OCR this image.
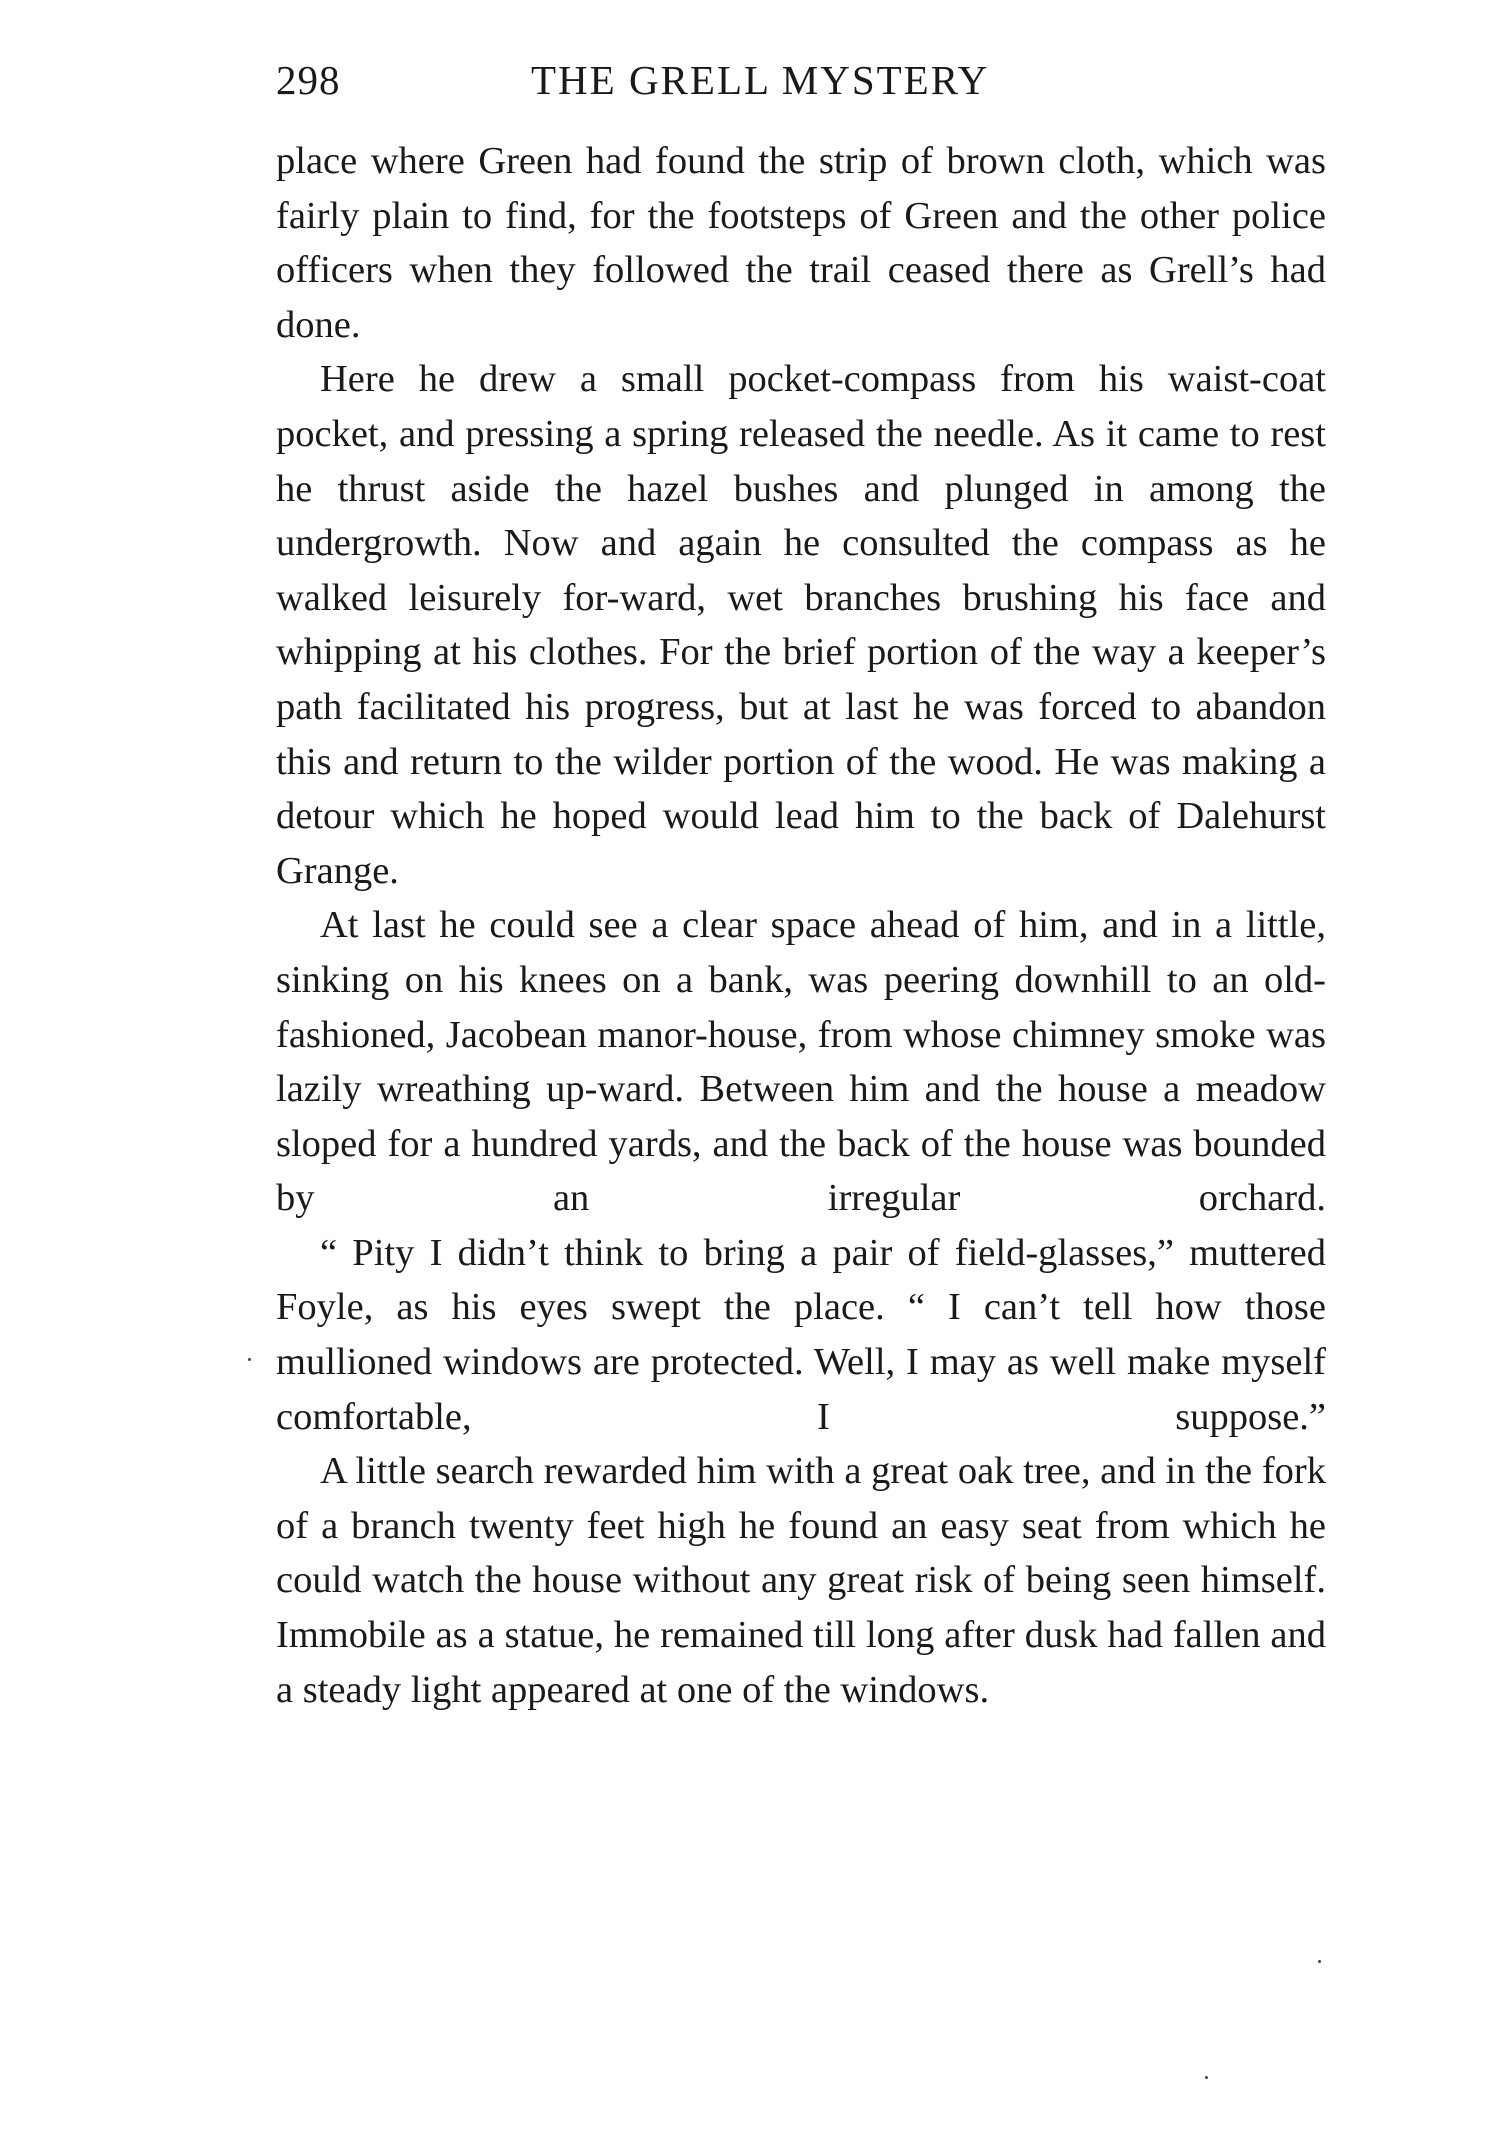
298	THE GRELL MYSTERY

place where Green had found the strip of brown cloth, which was fairly plain to find, for the footsteps of Green and the other police officers when they followed the trail ceased there as Grell’s had done.

Here he drew a small pocket-compass from his waist-coat pocket, and pressing a spring released the needle. As it came to rest he thrust aside the hazel bushes and plunged in among the undergrowth. Now and again he consulted the compass as he walked leisurely for-ward, wet branches brushing his face and whipping at his clothes. For the brief portion of the way a keeper’s path facilitated his progress, but at last he was forced to abandon this and return to the wilder portion of the wood. He was making a detour which he hoped would lead him to the back of Dalehurst Grange.

At last he could see a clear space ahead of him, and in a little, sinking on his knees on a bank, was peering downhill to an old-fashioned, Jacobean manor-house, from whose chimney smoke was lazily wreathing up-ward. Between him and the house a meadow sloped for a hundred yards, and the back of the house was bounded by an irregular orchard.

“ Pity I didn’t think to bring a pair of field-glasses,” muttered Foyle, as his eyes swept the place. “ I can’t tell how those mullioned windows are protected. Well, I may as well make myself comfortable, I suppose.”

A little search rewarded him with a great oak tree, and in the fork of a branch twenty feet high he found an easy seat from which he could watch the house without any great risk of being seen himself. Immobile as a statue, he remained till long after dusk had fallen and a steady light appeared at one of the windows.
